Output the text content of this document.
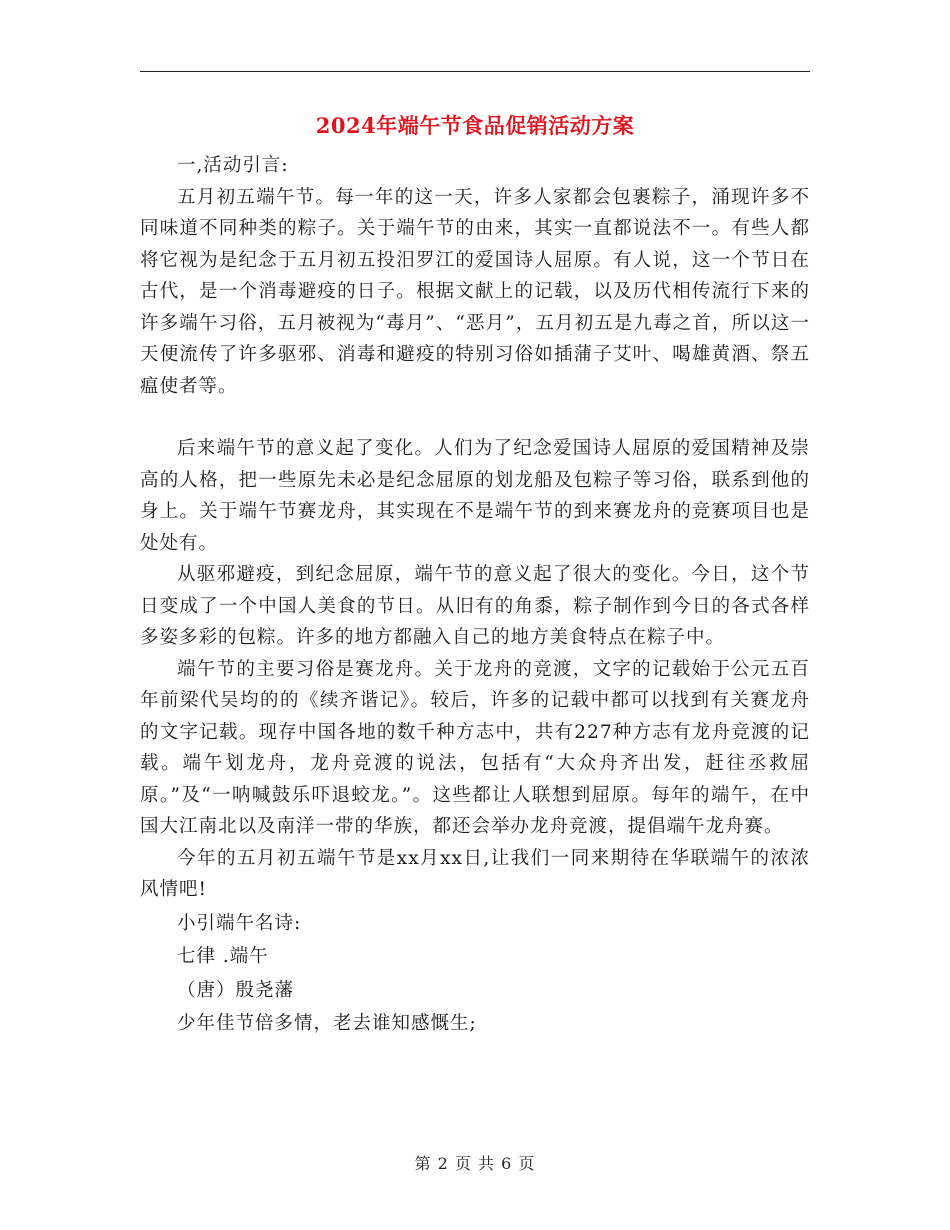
2024年端午节食品促销活动方案

一,活动引言:

五月初五端午节。每一年的这一天，许多人家都会包裹粽子，涌现许多不同味道不同种类的粽子。关于端午节的由来，其实一直都说法不一。有些人都将它视为是纪念于五月初五投汨罗江的爱国诗人屈原。有人说，这一个节日在古代，是一个消毒避疫的日子。根据文献上的记载，以及历代相传流行下来的许多端午习俗，五月被视为“毒月”、“恶月”，五月初五是九毒之首，所以这一天便流传了许多驱邪、消毒和避疫的特别习俗如插蒲子艾叶、喝雄黄酒、祭五瘟使者等。

后来端午节的意义起了变化。人们为了纪念爱国诗人屈原的爱国精神及崇高的人格，把一些原先未必是纪念屈原的划龙船及包粽子等习俗，联系到他的身上。关于端午节赛龙舟，其实现在不是端午节的到来赛龙舟的竞赛项目也是处处有。

从驱邪避疫，到纪念屈原，端午节的意义起了很大的变化。今日，这个节日变成了一个中国人美食的节日。从旧有的角黍，粽子制作到今日的各式各样多姿多彩的包粽。许多的地方都融入自己的地方美食特点在粽子中。

端午节的主要习俗是赛龙舟。关于龙舟的竞渡，文字的记载始于公元五百年前梁代吴均的的《续齐谐记》。较后，许多的记载中都可以找到有关赛龙舟的文字记载。现存中国各地的数千种方志中，共有227种方志有龙舟竞渡的记载。端午划龙舟，龙舟竞渡的说法，包括有“大众舟齐出发，赶往丞救屈原。”及“一呐喊鼓乐吓退蛟龙。”。这些都让人联想到屈原。每年的端午，在中国大江南北以及南洋一带的华族，都还会举办龙舟竞渡，提倡端午龙舟赛。

今年的五月初五端午节是xx月xx日,让我们一同来期待在华联端午的浓浓风情吧!

小引端午名诗:

七律 .端午

（唐）殷尧藩

少年佳节倍多情，老去谁知感慨生;

第 2 页 共 6 页
